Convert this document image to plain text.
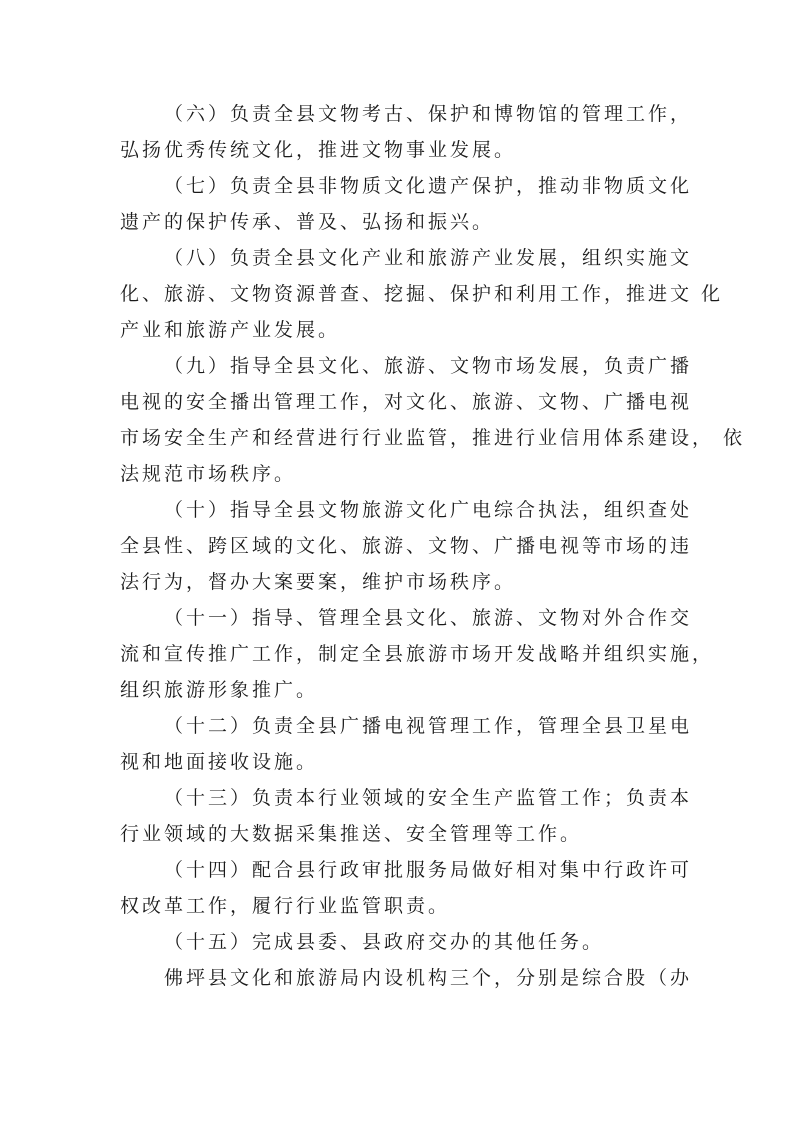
（六）负责全县文物考古、保护和博物馆的管理工作，
弘扬优秀传统文化，推进文物事业发展。

（七）负责全县非物质文化遗产保护，推动非物质文化
遗产的保护传承、普及、弘扬和振兴。

（八）负责全县文化产业和旅游产业发展，组织实施文
化、旅游、文物资源普查、挖掘、保护和利用工作，推进文 化
产业和旅游产业发展。

（九）指导全县文化、旅游、文物市场发展，负责广播
电视的安全播出管理工作，对文化、旅游、文物、广播电视
市场安全生产和经营进行行业监管，推进行业信用体系建设， 依
法规范市场秩序。

（十）指导全县文物旅游文化广电综合执法，组织查处
全县性、跨区域的文化、旅游、文物、广播电视等市场的违
法行为，督办大案要案，维护市场秩序。

（十一）指导、管理全县文化、旅游、文物对外合作交
流和宣传推广工作，制定全县旅游市场开发战略并组织实施，
组织旅游形象推广。

（十二）负责全县广播电视管理工作，管理全县卫星电
视和地面接收设施。

（十三）负责本行业领域的安全生产监管工作；负责本
行业领域的大数据采集推送、安全管理等工作。

（十四）配合县行政审批服务局做好相对集中行政许可
权改革工作，履行行业监管职责。

（十五）完成县委、县政府交办的其他任务。

佛坪县文化和旅游局内设机构三个，分别是综合股（办
